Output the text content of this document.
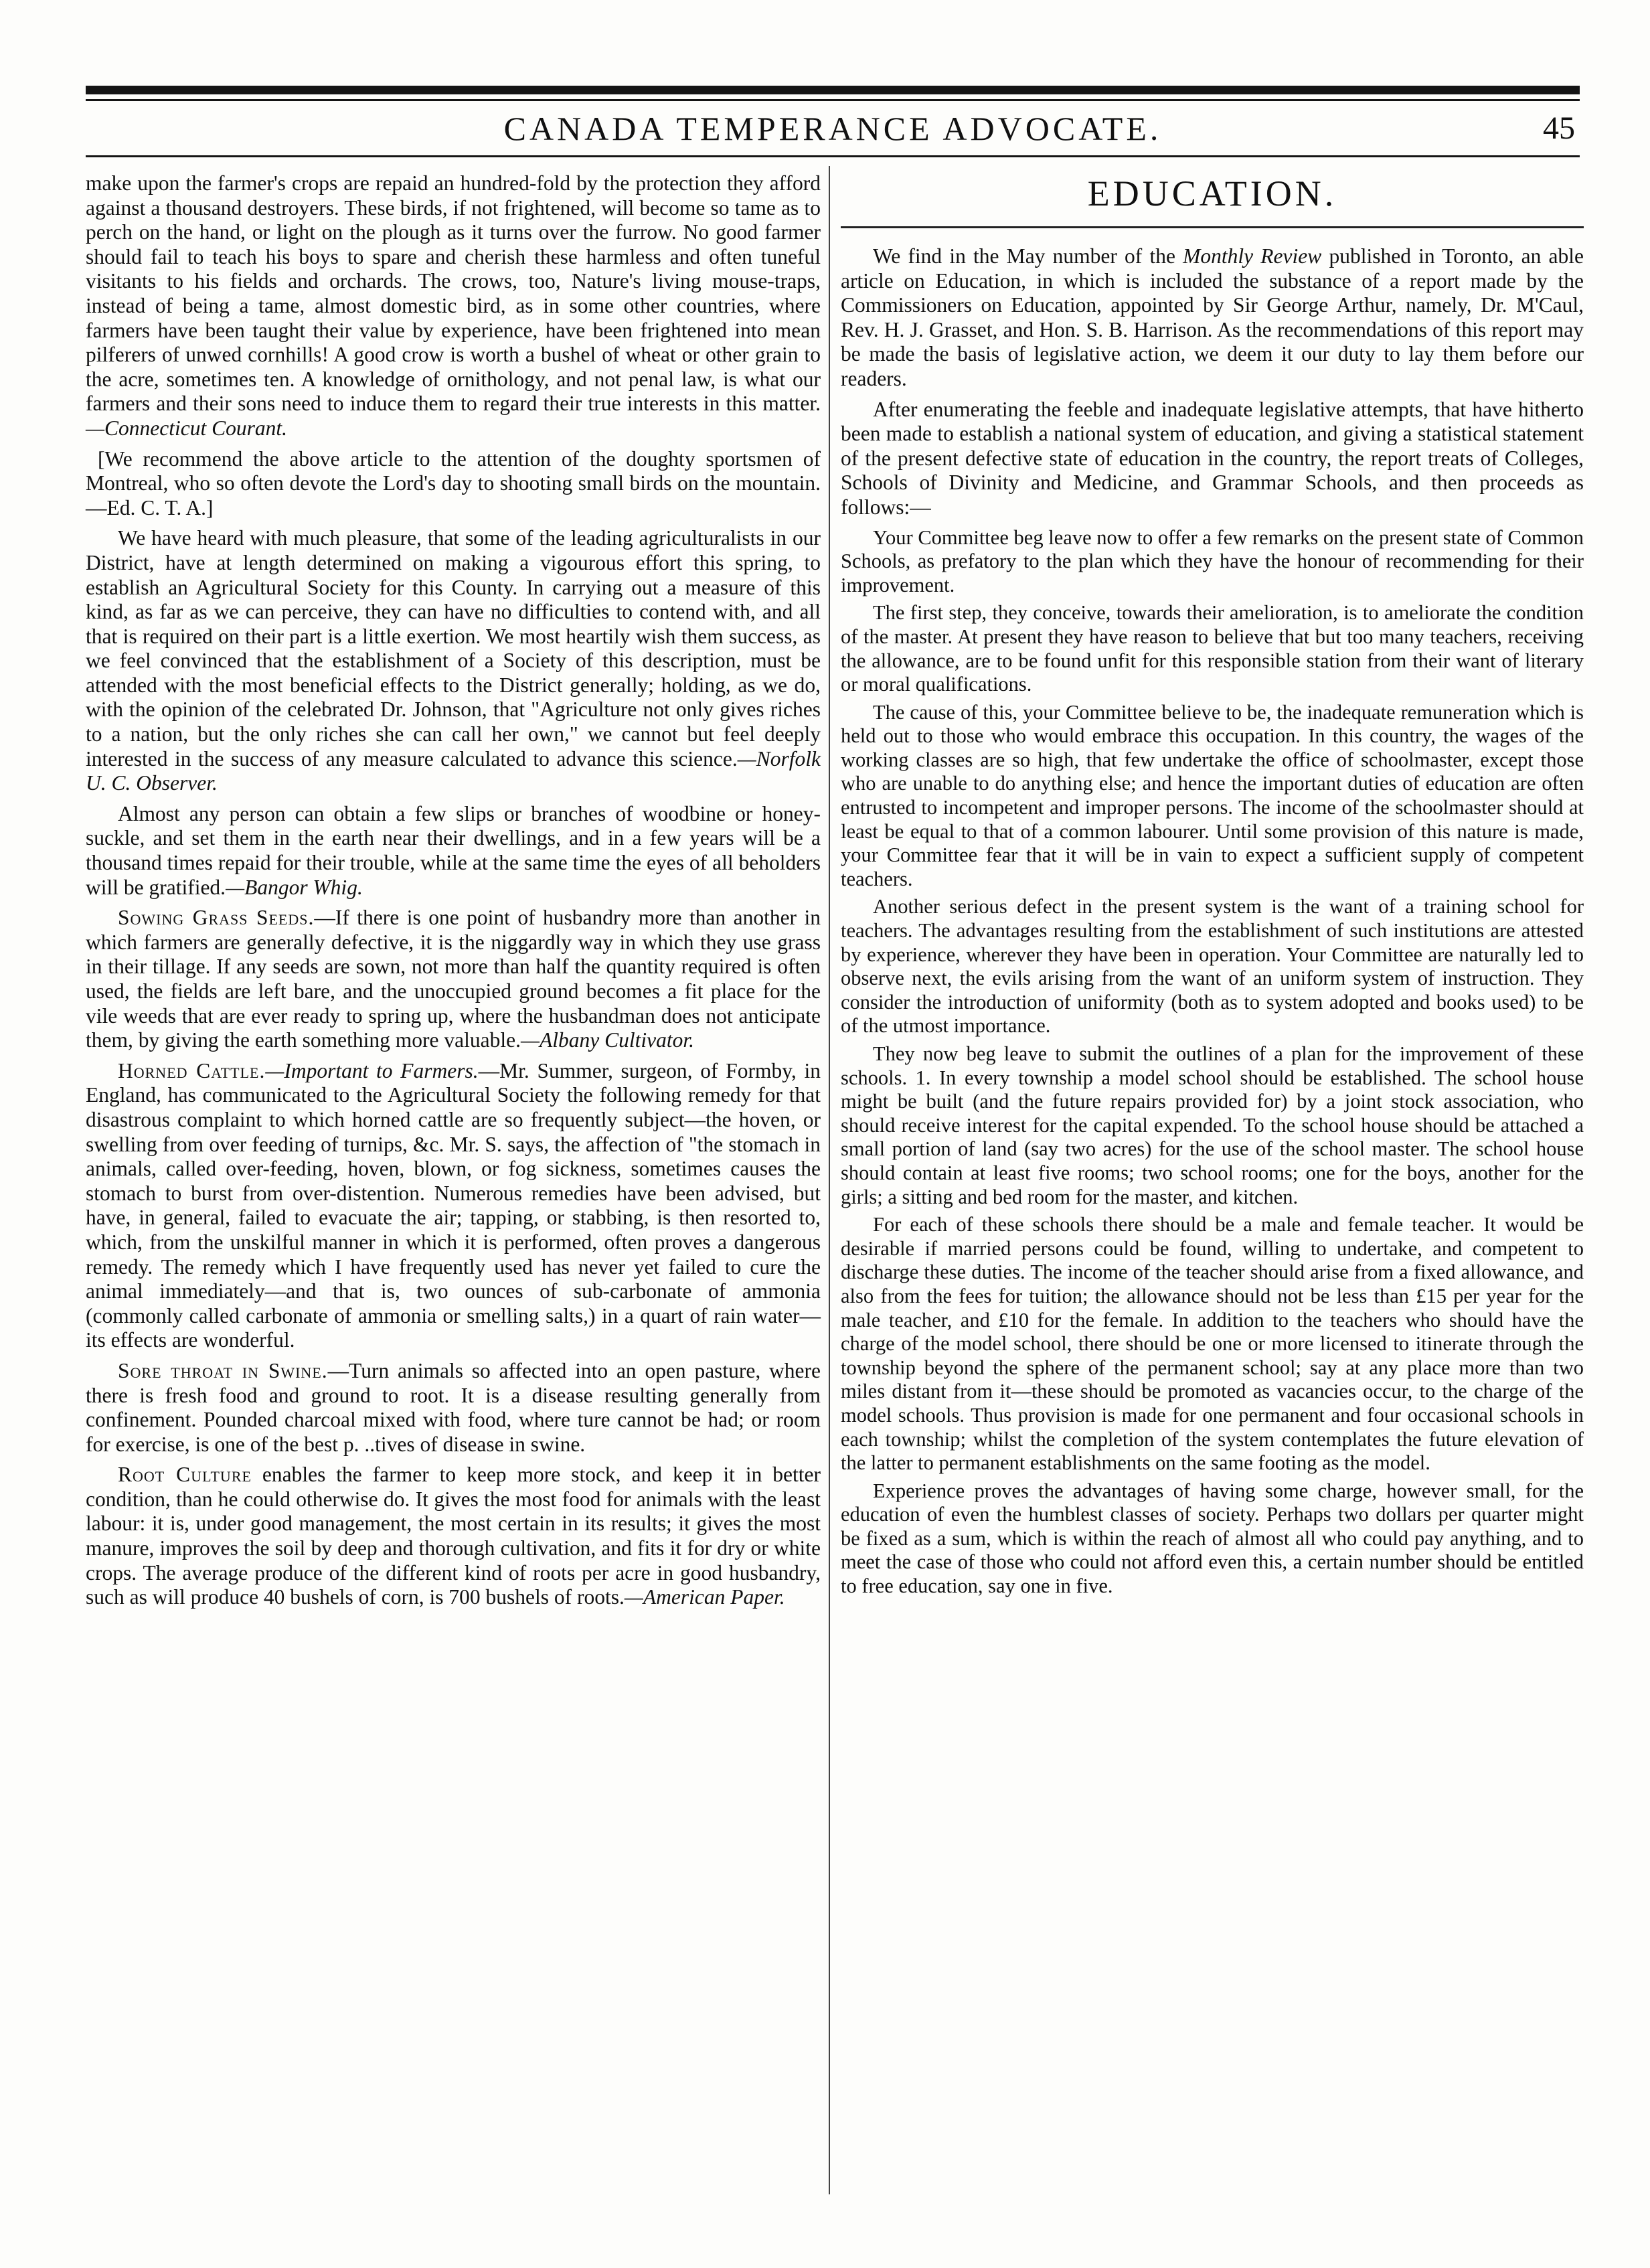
CANADA TEMPERANCE ADVOCATE.	45

make upon the farmer's crops are repaid an hundred-fold by the protection they afford against a thousand destroyers. These birds, if not frightened, will become so tame as to perch on the hand, or light on the plough as it turns over the furrow. No good farmer should fail to teach his boys to spare and cherish these harmless and often tuneful visitants to his fields and orchards. The crows, too, Nature's living mouse-traps, instead of being a tame, almost domestic bird, as in some other countries, where farmers have been taught their value by experience, have been frightened into mean pilferers of unwed cornhills! A good crow is worth a bushel of wheat or other grain to the acre, sometimes ten. A knowledge of ornithology, and not penal law, is what our farmers and their sons need to induce them to regard their true interests in this matter.—Connecticut Courant.

[We recommend the above article to the attention of the doughty sportsmen of Montreal, who so often devote the Lord's day to shooting small birds on the mountain.—Ed. C. T. A.]

We have heard with much pleasure, that some of the leading agriculturalists in our District, have at length determined on making a vigourous effort this spring, to establish an Agricultural Society for this County. In carrying out a measure of this kind, as far as we can perceive, they can have no difficulties to contend with, and all that is required on their part is a little exertion. We most heartily wish them success, as we feel convinced that the establishment of a Society of this description, must be attended with the most beneficial effects to the District generally; holding, as we do, with the opinion of the celebrated Dr. Johnson, that "Agriculture not only gives riches to a nation, but the only riches she can call her own," we cannot but feel deeply interested in the success of any measure calculated to advance this science.—Norfolk U. C. Observer.

Almost any person can obtain a few slips or branches of woodbine or honey-suckle, and set them in the earth near their dwellings, and in a few years will be a thousand times repaid for their trouble, while at the same time the eyes of all beholders will be gratified.—Bangor Whig.

Sowing Grass Seeds.—If there is one point of husbandry more than another in which farmers are generally defective, it is the niggardly way in which they use grass in their tillage. If any seeds are sown, not more than half the quantity required is often used, the fields are left bare, and the unoccupied ground becomes a fit place for the vile weeds that are ever ready to spring up, where the husbandman does not anticipate them, by giving the earth something more valuable.—Albany Cultivator.

Horned Cattle.—Important to Farmers.—Mr. Summer, surgeon, of Formby, in England, has communicated to the Agricultural Society the following remedy for that disastrous complaint to which horned cattle are so frequently subject—the hoven, or swelling from over feeding of turnips, &c. Mr. S. says, the affection of "the stomach in animals, called over-feeding, hoven, blown, or fog sickness, sometimes causes the stomach to burst from over-distention. Numerous remedies have been advised, but have, in general, failed to evacuate the air; tapping, or stabbing, is then resorted to, which, from the unskilful manner in which it is performed, often proves a dangerous remedy. The remedy which I have frequently used has never yet failed to cure the animal immediately—and that is, two ounces of sub-carbonate of ammonia (commonly called carbonate of ammonia or smelling salts,) in a quart of rain water—its effects are wonderful.

Sore throat in Swine.—Turn animals so affected into an open pasture, where there is fresh food and ground to root. It is a disease resulting generally from confinement. Pounded charcoal mixed with food, where ture cannot be had; or room for exercise, is one of the best p. ..tives of disease in swine.

Root Culture enables the farmer to keep more stock, and keep it in better condition, than he could otherwise do. It gives the most food for animals with the least labour: it is, under good management, the most certain in its results; it gives the most manure, improves the soil by deep and thorough cultivation, and fits it for dry or white crops. The average produce of the different kind of roots per acre in good husbandry, such as will produce 40 bushels of corn, is 700 bushels of roots.—American Paper.

EDUCATION.

We find in the May number of the Monthly Review published in Toronto, an able article on Education, in which is included the substance of a report made by the Commissioners on Education, appointed by Sir George Arthur, namely, Dr. M'Caul, Rev. H. J. Grasset, and Hon. S. B. Harrison. As the recommendations of this report may be made the basis of legislative action, we deem it our duty to lay them before our readers.

After enumerating the feeble and inadequate legislative attempts, that have hitherto been made to establish a national system of education, and giving a statistical statement of the present defective state of education in the country, the report treats of Colleges, Schools of Divinity and Medicine, and Grammar Schools, and then proceeds as follows:—

Your Committee beg leave now to offer a few remarks on the present state of Common Schools, as prefatory to the plan which they have the honour of recommending for their improvement.

The first step, they conceive, towards their amelioration, is to ameliorate the condition of the master. At present they have reason to believe that but too many teachers, receiving the allowance, are to be found unfit for this responsible station from their want of literary or moral qualifications.

The cause of this, your Committee believe to be, the inadequate remuneration which is held out to those who would embrace this occupation. In this country, the wages of the working classes are so high, that few undertake the office of schoolmaster, except those who are unable to do anything else; and hence the important duties of education are often entrusted to incompetent and improper persons. The income of the schoolmaster should at least be equal to that of a common labourer. Until some provision of this nature is made, your Committee fear that it will be in vain to expect a sufficient supply of competent teachers.

Another serious defect in the present system is the want of a training school for teachers. The advantages resulting from the establishment of such institutions are attested by experience, wherever they have been in operation. Your Committee are naturally led to observe next, the evils arising from the want of an uniform system of instruction. They consider the introduction of uniformity (both as to system adopted and books used) to be of the utmost importance.

They now beg leave to submit the outlines of a plan for the improvement of these schools. 1. In every township a model school should be established. The school house might be built (and the future repairs provided for) by a joint stock association, who should receive interest for the capital expended. To the school house should be attached a small portion of land (say two acres) for the use of the school master. The school house should contain at least five rooms; two school rooms; one for the boys, another for the girls; a sitting and bed room for the master, and kitchen.

For each of these schools there should be a male and female teacher. It would be desirable if married persons could be found, willing to undertake, and competent to discharge these duties. The income of the teacher should arise from a fixed allowance, and also from the fees for tuition; the allowance should not be less than £15 per year for the male teacher, and £10 for the female. In addition to the teachers who should have the charge of the model school, there should be one or more licensed to itinerate through the township beyond the sphere of the permanent school; say at any place more than two miles distant from it—these should be promoted as vacancies occur, to the charge of the model schools. Thus provision is made for one permanent and four occasional schools in each township; whilst the completion of the system contemplates the future elevation of the latter to permanent establishments on the same footing as the model.

Experience proves the advantages of having some charge, however small, for the education of even the humblest classes of society. Perhaps two dollars per quarter might be fixed as a sum, which is within the reach of almost all who could pay anything, and to meet the case of those who could not afford even this, a certain number should be entitled to free education, say one in five.
